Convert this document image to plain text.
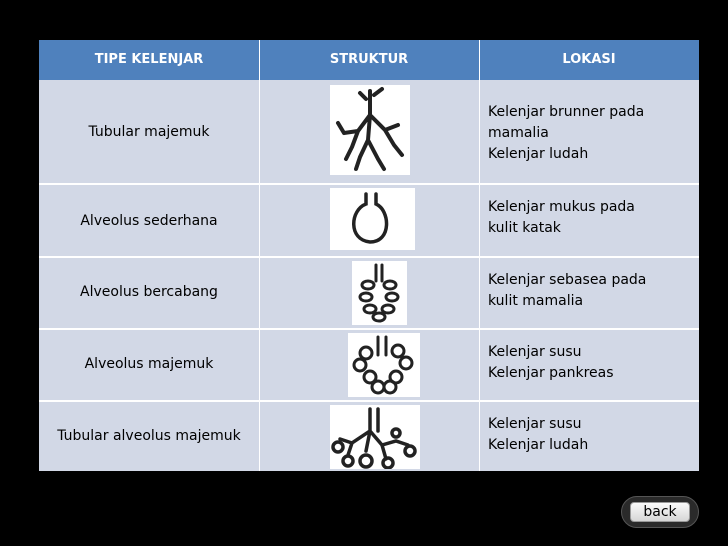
TIPE KELENJAR	STRUKTUR	LOKASI
Tubular majemuk
Kelenjar brunner pada
mamalia
Kelenjar ludah
Alveolus sederhana
Kelenjar mukus pada
kulit katak
Alveolus bercabang
Kelenjar sebasea pada
kulit mamalia
Alveolus majemuk
Kelenjar susu
Kelenjar pankreas
Tubular alveolus majemuk
Kelenjar susu
Kelenjar ludah
back
